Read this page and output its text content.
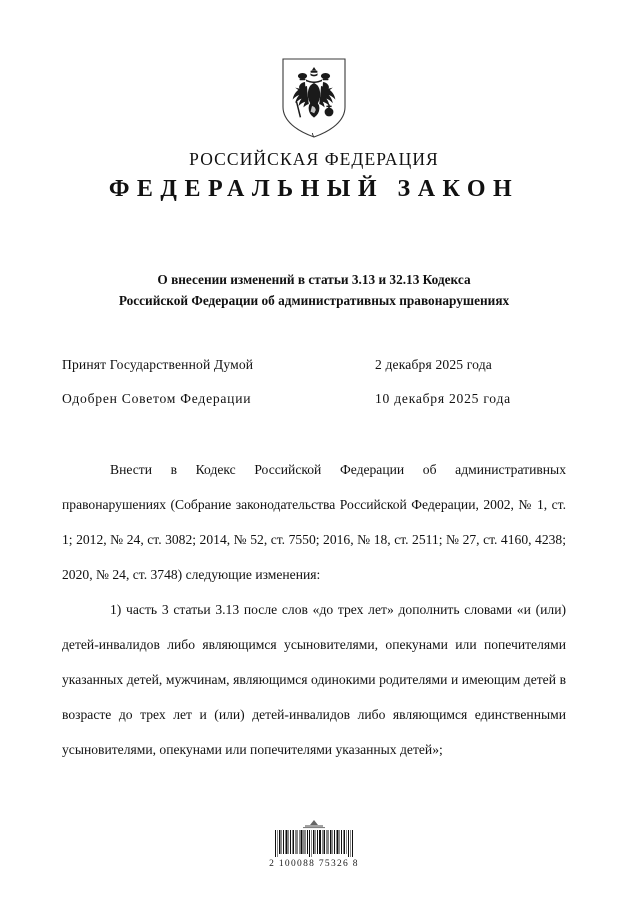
РОССИЙСКАЯ ФЕДЕРАЦИЯ
ФЕДЕРАЛЬНЫЙ ЗАКОН
О внесении изменений в статьи 3.13 и 32.13 Кодекса
Российской Федерации об административных правонарушениях
Принят Государственной Думой	2 декабря 2025 года
Одобрен Советом Федерации	10 декабря 2025 года

Внести в Кодекс Российской Федерации об административных правонарушениях (Собрание законодательства Российской Федерации, 2002, № 1, ст. 1; 2012, № 24, ст. 3082; 2014, № 52, ст. 7550; 2016, № 18, ст. 2511; № 27, ст. 4160, 4238; 2020, № 24, ст. 3748) следующие изменения:

1) часть 3 статьи 3.13 после слов «до трех лет» дополнить словами «и (или) детей-инвалидов либо являющимся усыновителями, опекунами или попечителями указанных детей, мужчинам, являющимся одинокими родителями и имеющим детей в возрасте до трех лет и (или) детей-инвалидов либо являющимся единственными усыновителями, опекунами или попечителями указанных детей»;

2 100088 75326 8
